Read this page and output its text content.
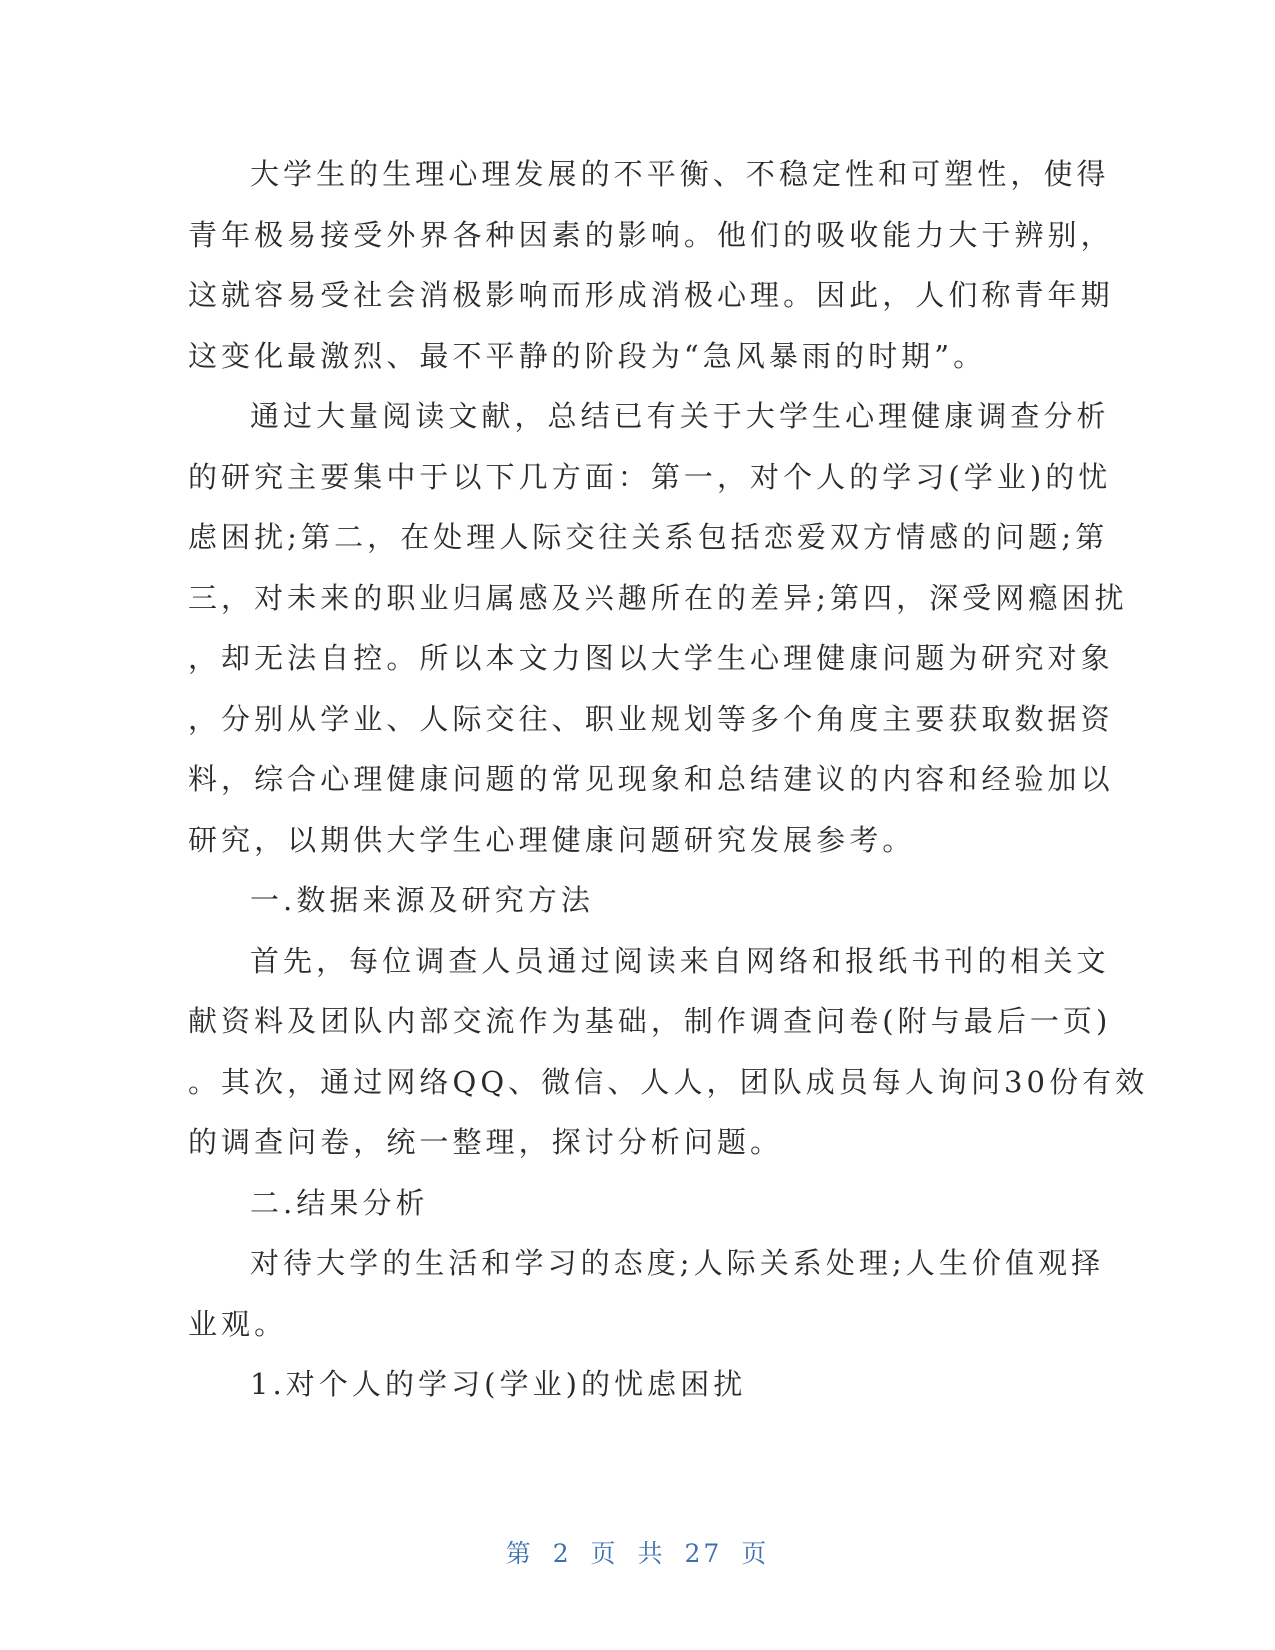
大学生的生理心理发展的不平衡、不稳定性和可塑性，使得
青年极易接受外界各种因素的影响。他们的吸收能力大于辨别，
这就容易受社会消极影响而形成消极心理。因此，人们称青年期
这变化最激烈、最不平静的阶段为“急风暴雨的时期”。
通过大量阅读文献，总结已有关于大学生心理健康调查分析
的研究主要集中于以下几方面：第一，对个人的学习(学业)的忧
虑困扰;第二，在处理人际交往关系包括恋爱双方情感的问题;第
三，对未来的职业归属感及兴趣所在的差异;第四，深受网瘾困扰
，却无法自控。所以本文力图以大学生心理健康问题为研究对象
，分别从学业、人际交往、职业规划等多个角度主要获取数据资
料，综合心理健康问题的常见现象和总结建议的内容和经验加以
研究，以期供大学生心理健康问题研究发展参考。
一.数据来源及研究方法
首先，每位调查人员通过阅读来自网络和报纸书刊的相关文
献资料及团队内部交流作为基础，制作调查问卷(附与最后一页)
。其次，通过网络QQ、微信、人人，团队成员每人询问30份有效
的调查问卷，统一整理，探讨分析问题。
二.结果分析
对待大学的生活和学习的态度;人际关系处理;人生价值观择
业观。
1.对个人的学习(学业)的忧虑困扰
第 2 页 共 27 页
